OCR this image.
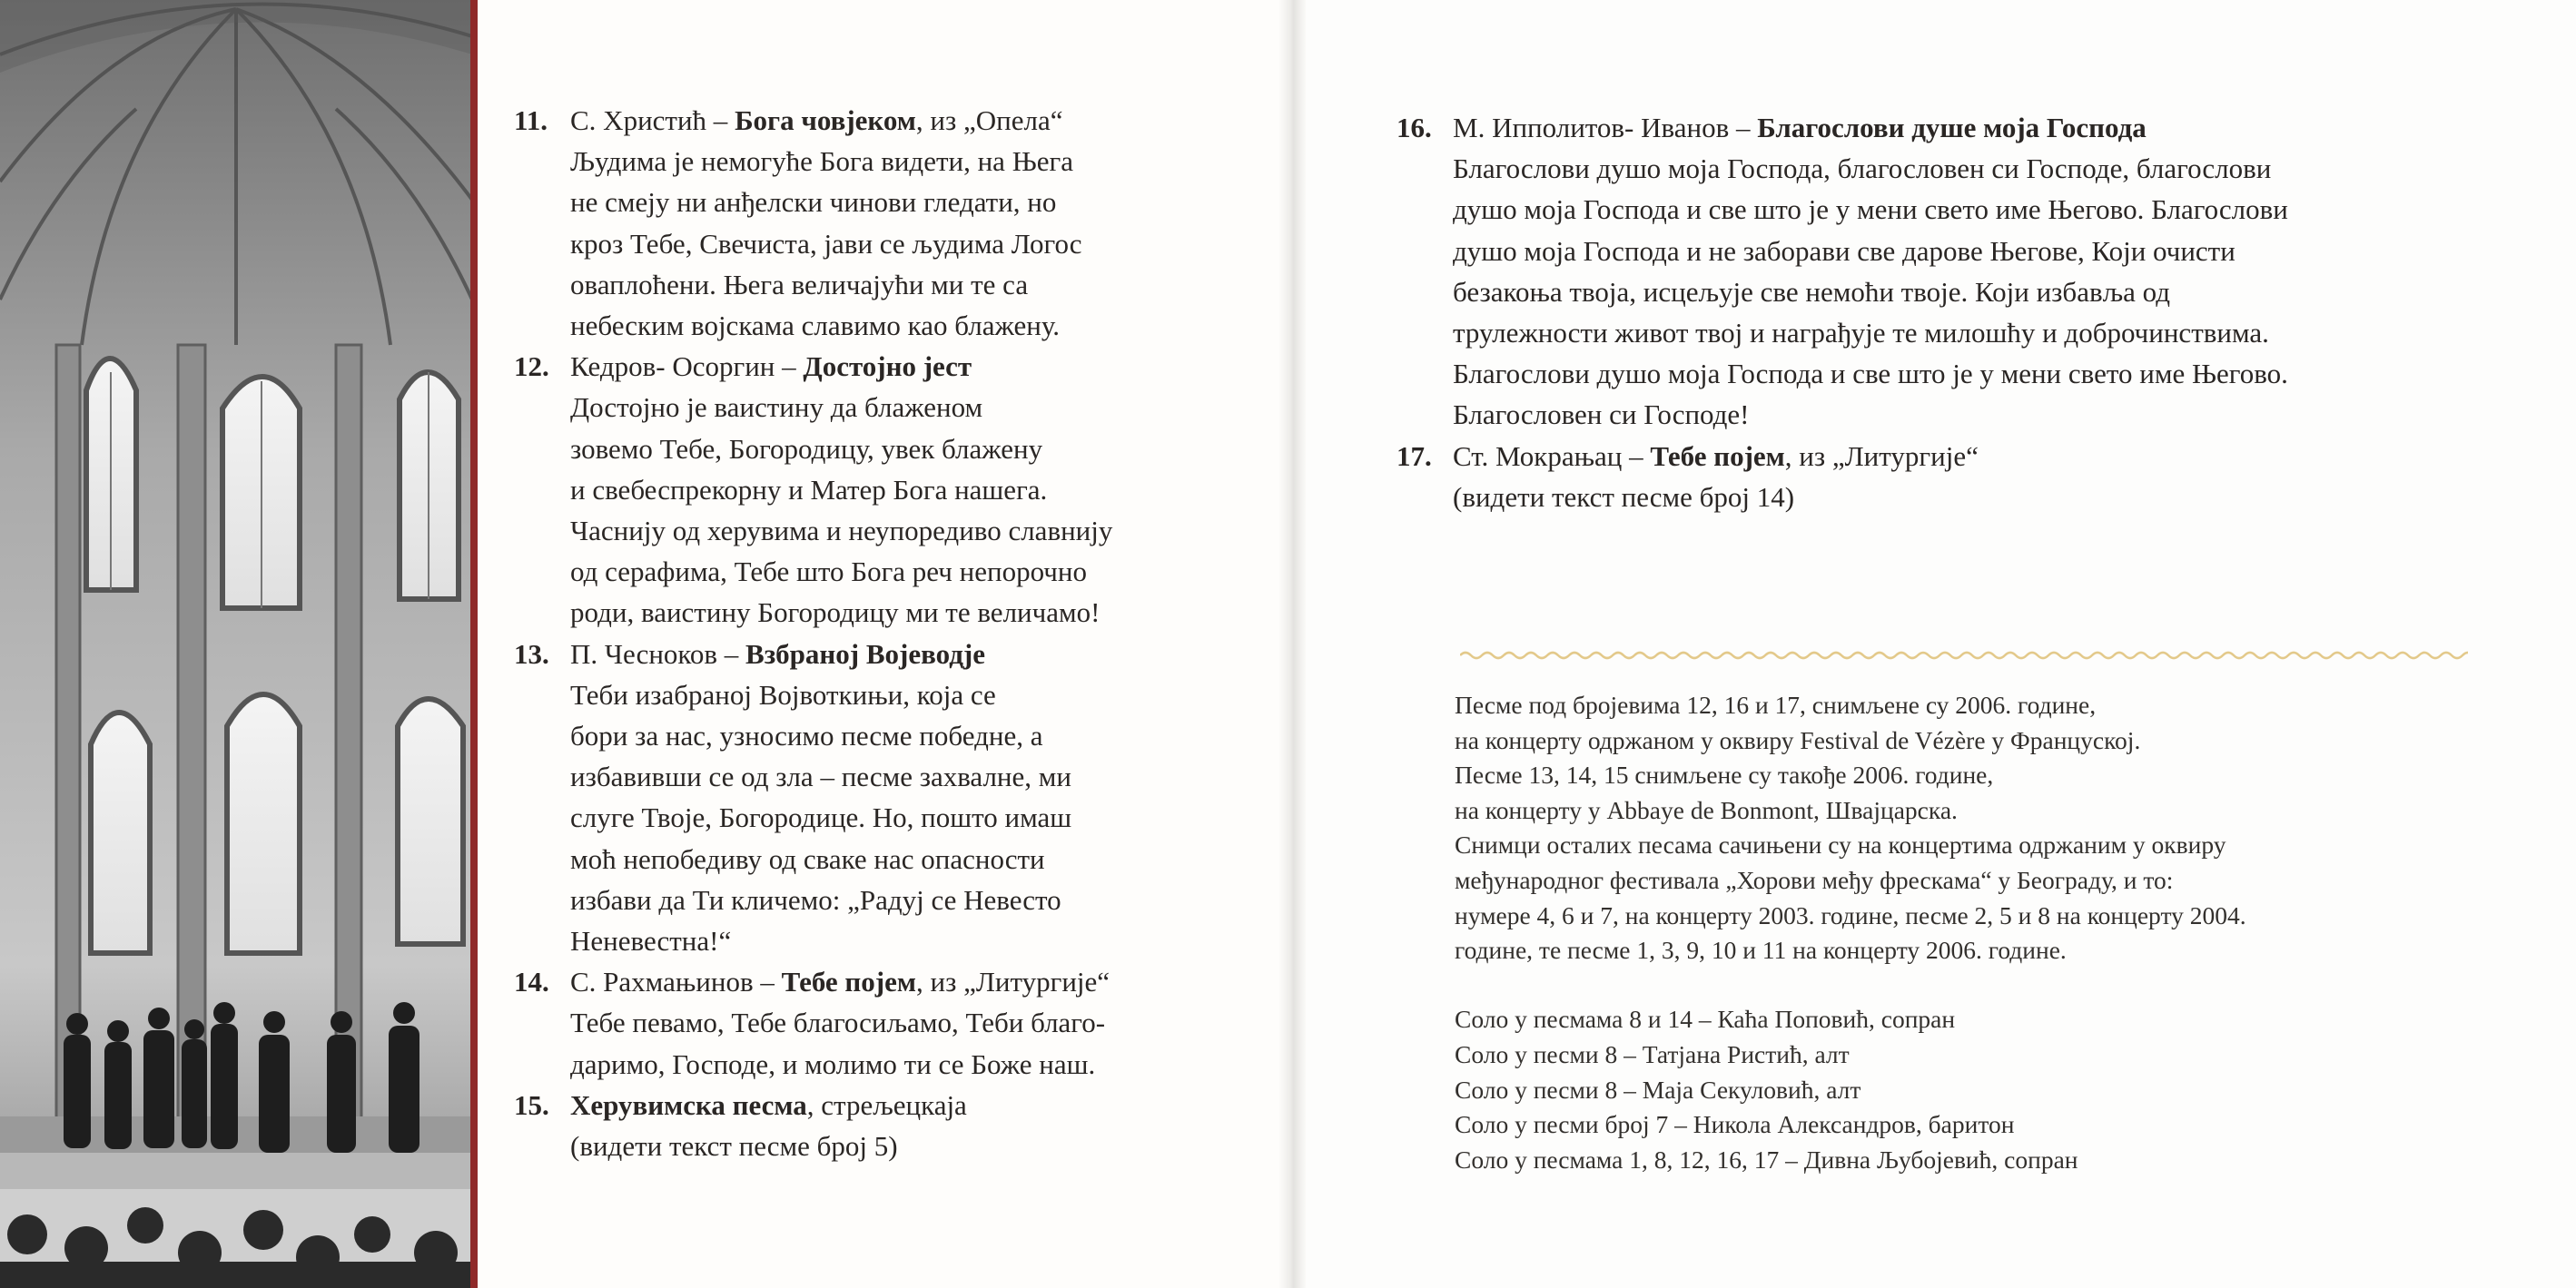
11. С. Христић – Бога човјеком, из „Опела“
Људима је немогуће Бога видети, на Њега
не смеју ни анђелски чинови гледати, но
кроз Тебе, Свечиста, јави се људима Логос
оваплоћени. Њега величајући ми те са
небеским војскама славимо као блажену.
12. Кедров- Осоргин – Достојно јест
Достојно је ваистину да блаженом
зовемо Тебе, Богородицу, увек блажену
и свебеспрекорну и Матер Бога нашега.
Часнију од херувима и неупоредиво славнију
од серафима, Тебе што Бога реч непорочно
роди, ваистину Богородицу ми те величамо!
13. П. Чесноков – Взбраној Војеводје
Теби изабраној Војвоткињи, која се
бори за нас, узносимо песме победне, а
избавивши се од зла – песме захвалне, ми
слуге Твоје, Богородице. Но, пошто имаш
моћ непобедиву од сваке нас опасности
избави да Ти кличемо: „Радуј се Невесто
Неневестна!“
14. С. Рахмањинов – Тебе појем, из „Литургије“
Тебе певамо, Тебе благосиљамо, Теби благо-
даримо, Господе, и молимо ти се Боже наш.
15. Херувимска песма, стрељецкаја
(видети текст песме број 5)
16. М. Ипполитов- Иванов – Благослови душе моја Господа
Благослови душо моја Господа, благословен си Господе, благослови
душо моја Господа и све што је у мени свето име Његово. Благослови
душо моја Господа и не заборави све дарове Његове, Који очисти
безакоња твоја, исцељује све немоћи твоје. Који избавља од
трулежности живот твој и награђује те милошћу и доброчинствима.
Благослови душо моја Господа и све што је у мени свето име Његово.
Благословен си Господе!
17. Ст. Мокрањац – Тебе појем, из „Литургије“
(видети текст песме број 14)

Песме под бројевима 12, 16 и 17, снимљене су 2006. године,
на концерту одржаном у оквиру Festival de Vézère у Француској.
Песме 13, 14, 15 снимљене су такође 2006. године,
на концерту у Abbaye de Bonmont, Швајцарска.
Снимци осталих песама сачињени су на концертима одржаним у оквиру
међународног фестивала „Хорови међу фрескама“ у Београду, и то:
нумере 4, 6 и 7, на концерту 2003. године, песме 2, 5 и 8 на концерту 2004.
године, те песме 1, 3, 9, 10 и 11 на концерту 2006. године.

Соло у песмама 8 и 14 – Каћа Поповић, сопран
Соло у песми 8 – Татјана Ристић, алт
Соло у песми 8 – Маја Секуловић, алт
Соло у песми број 7 – Никола Александров, баритон
Соло у песмама 1, 8, 12, 16, 17 – Дивна Љубојевић, сопран
